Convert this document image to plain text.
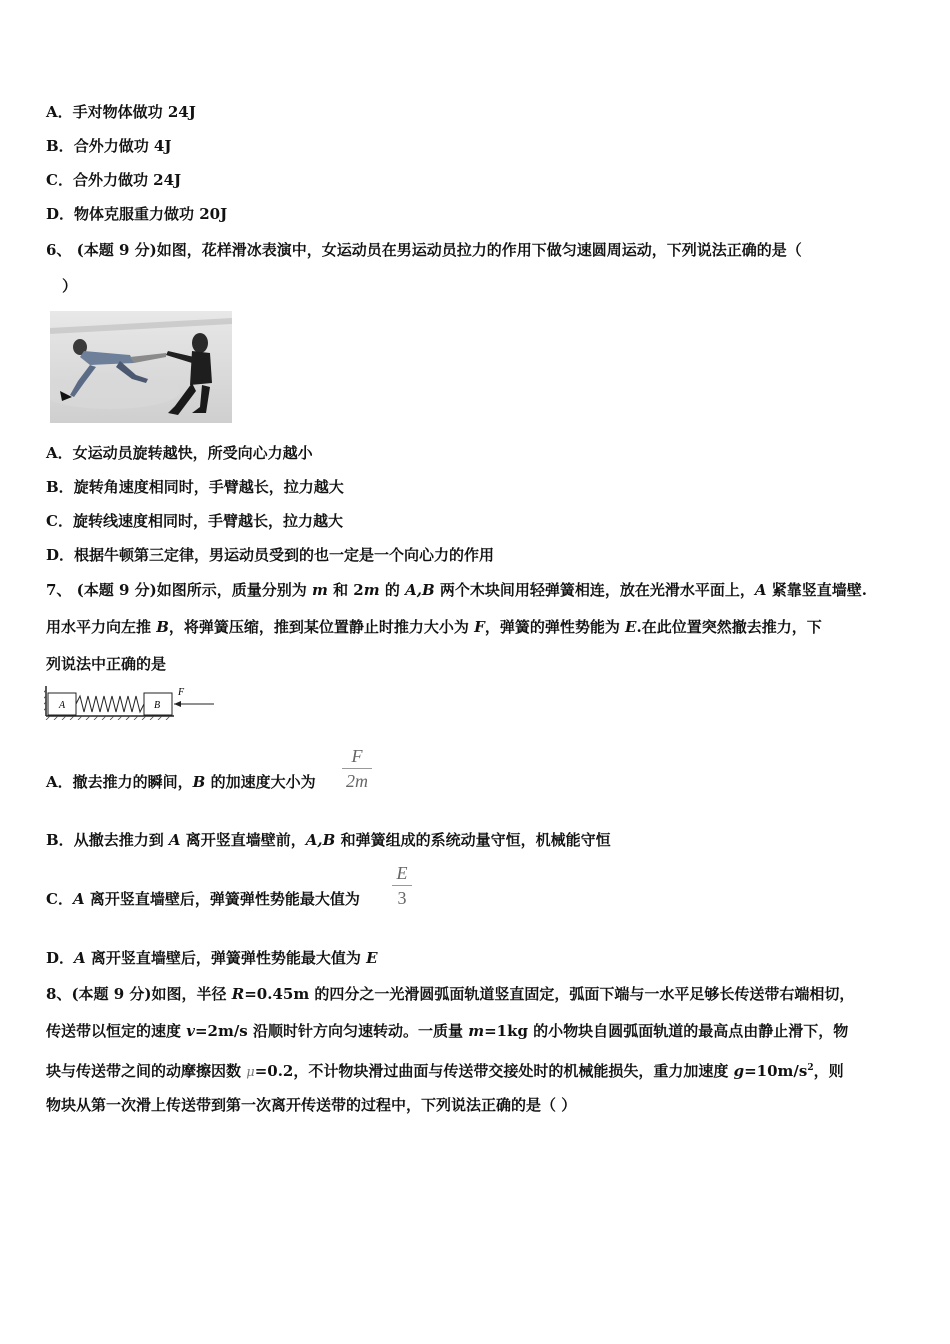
A．手对物体做功 24J
B．合外力做功 4J
C．合外力做功 24J
D．物体克服重力做功 20J
6、 (本题 9 分)如图，花样滑冰表演中，女运动员在男运动员拉力的作用下做匀速圆周运动，下列说法正确的是（
）
A．女运动员旋转越快，所受向心力越小
B．旋转角速度相同时，手臂越长，拉力越大
C．旋转线速度相同时，手臂越长，拉力越大
D．根据牛顿第三定律，男运动员受到的也一定是一个向心力的作用
7、 (本题 9 分)如图所示，质量分别为 m 和 2m 的 A,B 两个木块间用轻弹簧相连，放在光滑水平面上，A 紧靠竖直墙壁.
用水平力向左推 B，将弹簧压缩，推到某位置静止时推力大小为 F，弹簧的弹性势能为 E.在此位置突然撤去推力，下
列说法中正确的是
A	B
F
A．撤去推力的瞬间，B 的加速度大小为
F
2m
B．从撤去推力到 A 离开竖直墙壁前，A,B 和弹簧组成的系统动量守恒，机械能守恒
C．A 离开竖直墙壁后，弹簧弹性势能最大值为
E
3
D．A 离开竖直墙壁后，弹簧弹性势能最大值为 E
8、(本题 9 分)如图，半径 R=0.45m 的四分之一光滑圆弧面轨道竖直固定，弧面下端与一水平足够长传送带右端相切，
传送带以恒定的速度 v=2m/s 沿顺时针方向匀速转动。一质量 m=1kg 的小物块自圆弧面轨道的最高点由静止滑下，物
块与传送带之间的动摩擦因数 μ=0.2，不计物块滑过曲面与传送带交接处时的机械能损失，重力加速度 $g=10m/s^2$，则
物块从第一次滑上传送带到第一次离开传送带的过程中，下列说法正确的是（ ）
